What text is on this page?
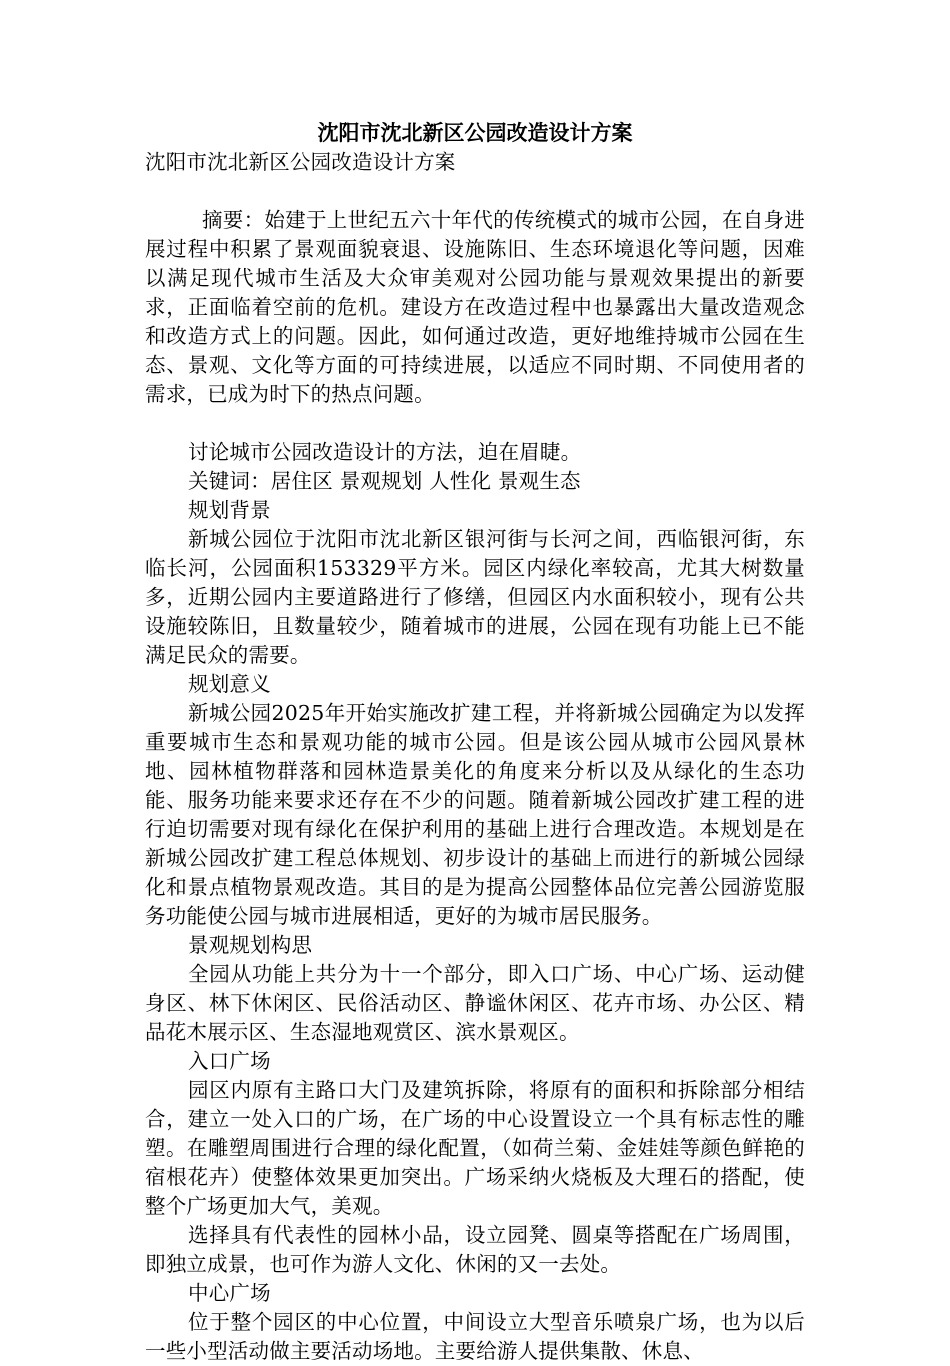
沈阳市沈北新区公园改造设计方案

沈阳市沈北新区公园改造设计方案

摘要：始建于上世纪五六十年代的传统模式的城市公园，在自身进展过程中积累了景观面貌衰退、设施陈旧、生态环境退化等问题，因难以满足现代城市生活及大众审美观对公园功能与景观效果提出的新要求，正面临着空前的危机。建设方在改造过程中也暴露出大量改造观念和改造方式上的问题。因此，如何通过改造，更好地维持城市公园在生态、景观、文化等方面的可持续进展，以适应不同时期、不同使用者的需求，已成为时下的热点问题。

讨论城市公园改造设计的方法，迫在眉睫。

关键词：居住区 景观规划 人性化 景观生态

规划背景

新城公园位于沈阳市沈北新区银河街与长河之间，西临银河街，东临长河，公园面积153329平方米。园区内绿化率较高，尤其大树数量多，近期公园内主要道路进行了修缮，但园区内水面积较小，现有公共设施较陈旧，且数量较少，随着城市的进展，公园在现有功能上已不能满足民众的需要。

规划意义

新城公园2025年开始实施改扩建工程，并将新城公园确定为以发挥重要城市生态和景观功能的城市公园。但是该公园从城市公园风景林地、园林植物群落和园林造景美化的角度来分析以及从绿化的生态功能、服务功能来要求还存在不少的问题。随着新城公园改扩建工程的进行迫切需要对现有绿化在保护利用的基础上进行合理改造。本规划是在新城公园改扩建工程总体规划、初步设计的基础上而进行的新城公园绿化和景点植物景观改造。其目的是为提高公园整体品位完善公园游览服务功能使公园与城市进展相适，更好的为城市居民服务。

景观规划构思

全园从功能上共分为十一个部分，即入口广场、中心广场、运动健身区、林下休闲区、民俗活动区、静谧休闲区、花卉市场、办公区、精品花木展示区、生态湿地观赏区、滨水景观区。

入口广场

园区内原有主路口大门及建筑拆除，将原有的面积和拆除部分相结合，建立一处入口的广场，在广场的中心设置设立一个具有标志性的雕塑。在雕塑周围进行合理的绿化配置，（如荷兰菊、金娃娃等颜色鲜艳的宿根花卉）使整体效果更加突出。广场采纳火烧板及大理石的搭配，使整个广场更加大气，美观。

选择具有代表性的园林小品，设立园凳、圆桌等搭配在广场周围，即独立成景，也可作为游人文化、休闲的又一去处。

中心广场

位于整个园区的中心位置，中间设立大型音乐喷泉广场，也为以后一些小型活动做主要活动场地。主要给游人提供集散、休息、
